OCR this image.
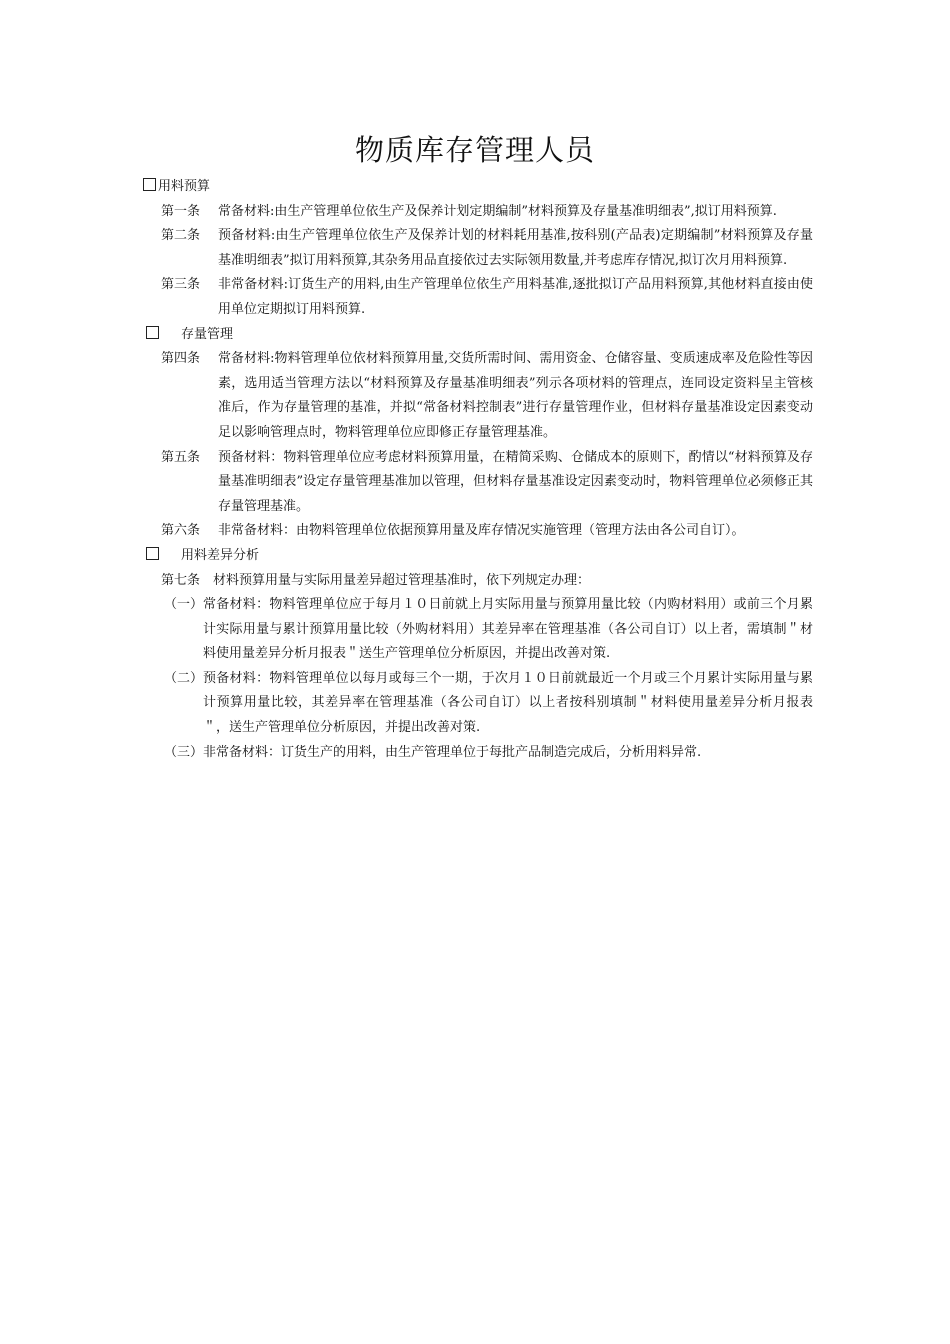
物质库存管理人员
用料预算
第一条 常备材料:由生产管理单位依生产及保养计划定期编制”材料预算及存量基准明细表”,拟订用料预算.
第二条 预备材料:由生产管理单位依生产及保养计划的材料耗用基准,按科别(产品表)定期编制”材料预算及存量基准明细表”拟订用料预算,其杂务用品直接依过去实际领用数量,并考虑库存情况,拟订次月用料预算.
第三条 非常备材料:订货生产的用料,由生产管理单位依生产用料基准,逐批拟订产品用料预算,其他材料直接由使用单位定期拟订用料预算.
存量管理
第四条 常备材料:物料管理单位依材料预算用量,交货所需时间、需用资金、仓储容量、变质速成率及危险性等因素，选用适当管理方法以“材料预算及存量基准明细表”列示各项材料的管理点，连同设定资料呈主管核准后，作为存量管理的基准，并拟“常备材料控制表”进行存量管理作业，但材料存量基准设定因素变动足以影响管理点时，物料管理单位应即修正存量管理基准。
第五条 预备材料：物料管理单位应考虑材料预算用量，在精简采购、仓储成本的原则下，酌情以“材料预算及存量基准明细表”设定存量管理基准加以管理，但材料存量基准设定因素变动时，物料管理单位必须修正其存量管理基准。
第六条 非常备材料：由物料管理单位依据预算用量及库存情况实施管理（管理方法由各公司自订）。
用料差异分析
第七条　材料预算用量与实际用量差异超过管理基准时，依下列规定办理：
（一） 常备材料：物料管理单位应于每月１０日前就上月实际用量与预算用量比较（内购材料用）或前三个月累计实际用量与累计预算用量比较（外购材料用）其差异率在管理基准（各公司自订）以上者，需填制＂材料使用量差异分析月报表＂送生产管理单位分析原因，并提出改善对策.
（二） 预备材料：物料管理单位以每月或每三个一期，于次月１０日前就最近一个月或三个月累计实际用量与累计预算用量比较，其差异率在管理基准（各公司自订）以上者按科别填制＂材料使用量差异分析月报表＂，送生产管理单位分析原因，并提出改善对策.
（三） 非常备材料：订货生产的用料，由生产管理单位于每批产品制造完成后，分析用料异常.
